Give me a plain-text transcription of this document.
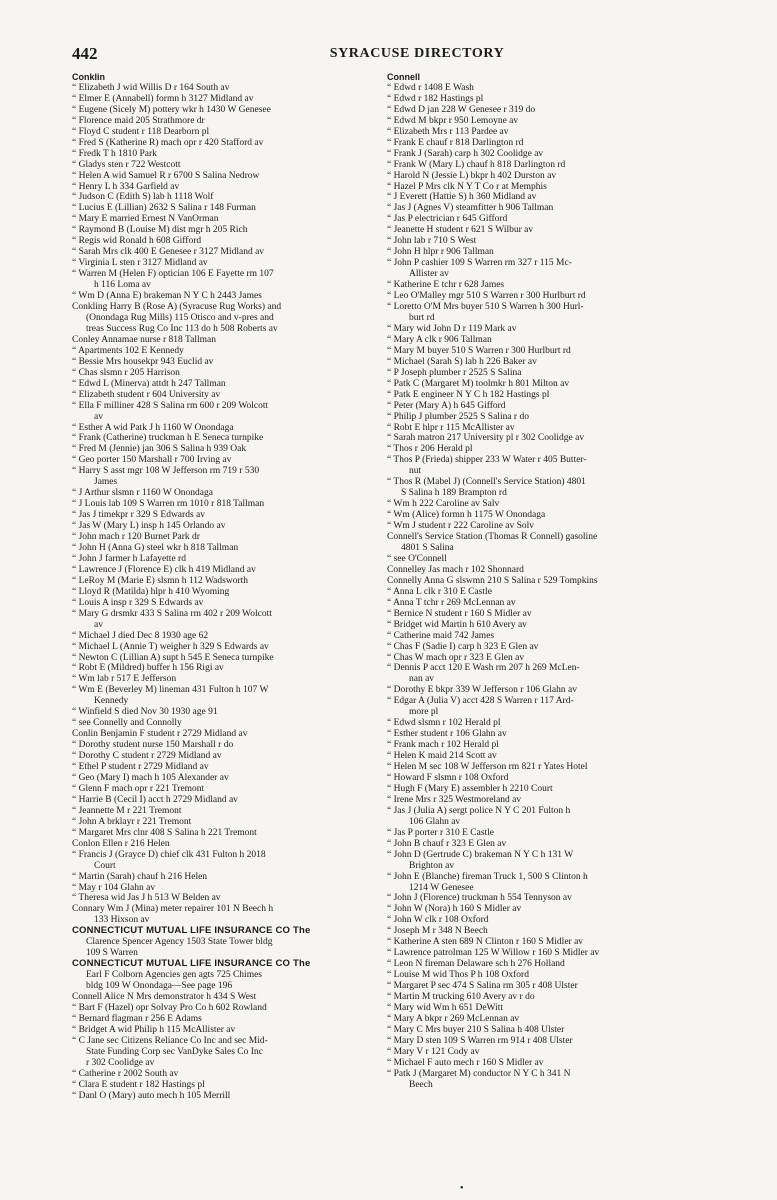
442	SYRACUSE DIRECTORY
Conklin
“ Elizabeth J wid Willis D r 164 South av
“ Elmer E (Annabell) formn h 3127 Midland av
“ Eugene (Sicely M) pottery wkr h 1430 W Genesee
“ Florence maid 205 Strathmore dr
“ Floyd C student r 118 Dearborn pl
“ Fred S (Katherine R) mach opr r 420 Stafford av
“ Fredk T h 1810 Park
“ Gladys sten r 722 Westcott
“ Helen A wid Samuel R r 6700 S Salina Nedrow
“ Henry L h 334 Garfield av
“ Judson C (Edith S) lab h 1118 Wolf
“ Lucius E (Lillian) 2632 S Salina r 148 Furman
“ Mary E married Ernest N VanOrman
“ Raymond B (Louise M) dist mgr h 205 Rich
“ Regis wid Ronald h 608 Gifford
“ Sarah Mrs clk 400 E Genesee r 3127 Midland av
“ Virginia L sten r 3127 Midland av
“ Warren M (Helen F) optician 106 E Fayette rm 107
h 116 Loma av
“ Wm D (Anna E) brakeman N Y C h 2443 James
Conkling Harry B (Rose A) (Syracuse Rug Works) and
(Onondaga Rug Mills) 115 Otisco and v-pres and
treas Success Rug Co Inc 113 do h 508 Roberts av
Conley Annamae nurse r 818 Tallman
“ Apartments 102 E Kennedy
“ Bessie Mrs housekpr 943 Euclid av
“ Chas slsmn r 205 Harrison
“ Edwd L (Minerva) attdt h 247 Tallman
“ Elizabeth student r 604 University av
“ Ella F milliner 428 S Salina rm 600 r 209 Wolcott
av
“ Esther A wid Patk J h 1160 W Onondaga
“ Frank (Catherine) truckman h E Seneca turnpike
“ Fred M (Jennie) jan 306 S Salina h 939 Oak
“ Geo porter 150 Marshall r 700 Irving av
“ Harry S asst mgr 108 W Jefferson rm 719 r 530
James
“ J Arthur slsmn r 1160 W Onondaga
“ J Louis lab 109 S Warren rm 1010 r 818 Tallman
“ Jas J timekpr r 329 S Edwards av
“ Jas W (Mary L) insp h 145 Orlando av
“ John mach r 120 Burnet Park dr
“ John H (Anna G) steel wkr h 818 Tallman
“ John J farmer h Lafayette rd
“ Lawrence J (Florence E) clk h 419 Midland av
“ LeRoy M (Marie E) slsmn h 112 Wadsworth
“ Lloyd R (Matilda) hlpr h 410 Wyoming
“ Louis A insp r 329 S Edwards av
“ Mary G drsmkr 433 S Salina rm 402 r 209 Wolcott
av
“ Michael J died Dec 8 1930 age 62
“ Michael L (Annie T) weigher h 329 S Edwards av
“ Newton C (Lillian A) supt h 545 E Seneca turnpike
“ Robt E (Mildred) buffer h 156 Rigi av
“ Wm lab r 517 E Jefferson
“ Wm E (Beverley M) lineman 431 Fulton h 107 W
Kennedy
“ Winfield S died Nov 30 1930 age 91
“ see Connelly and Connolly
Conlin Benjamin F student r 2729 Midland av
“ Dorothy student nurse 150 Marshall r do
“ Dorothy C student r 2729 Midland av
“ Ethel P student r 2729 Midland av
“ Geo (Mary I) mach h 105 Alexander av
“ Glenn F mach opr r 221 Tremont
“ Harrie B (Cecil I) acct h 2729 Midland av
“ Jeannette M r 221 Tremont
“ John A brklayr r 221 Tremont
“ Margaret Mrs clnr 408 S Salina h 221 Tremont
Conlon Ellen r 216 Helen
“ Francis J (Grayce D) chief clk 431 Fulton h 2018
Court
“ Martin (Sarah) chauf h 216 Helen
“ May r 104 Glahn av
“ Theresa wid Jas J h 513 W Belden av
Connary Wm J (Mina) meter repairer 101 N Beech h
133 Hixson av
CONNECTICUT MUTUAL LIFE INSURANCE CO The
Clarence Spencer Agency 1503 State Tower bldg
109 S Warren
CONNECTICUT MUTUAL LIFE INSURANCE CO The
Earl F Colborn Agencies gen agts 725 Chimes
bldg 109 W Onondaga—See page 196
Connell Alice N Mrs demonstrator h 434 S West
“ Bart F (Hazel) opr Solvay Pro Co h 602 Rowland
“ Bernard flagman r 256 E Adams
“ Bridget A wid Philip h 115 McAllister av
“ C Jane sec Citizens Reliance Co Inc and sec Mid-
State Funding Corp sec VanDyke Sales Co Inc
r 302 Coolidge av
“ Catherine r 2002 South av
“ Clara E student r 182 Hastings pl
“ Danl O (Mary) auto mech h 105 Merrill
Connell
“ Edwd r 1408 E Wash
“ Edwd r 182 Hastings pl
“ Edwd D jan 228 W Genesee r 319 do
“ Edwd M bkpr r 950 Lemoyne av
“ Elizabeth Mrs r 113 Pardee av
“ Frank E chauf r 818 Darlington rd
“ Frank J (Sarah) carp h 302 Coolidge av
“ Frank W (Mary L) chauf h 818 Darlington rd
“ Harold N (Jessie L) bkpr h 402 Durston av
“ Hazel P Mrs clk N Y T Co r at Memphis
“ J Everett (Hattie S) h 360 Midland av
“ Jas J (Agnes V) steamfitter h 906 Tallman
“ Jas P electrician r 645 Gifford
“ Jeanette H student r 621 S Wilbur av
“ John lab r 710 S West
“ John H hlpr r 906 Tallman
“ John P cashier 109 S Warren rm 327 r 115 Mc-
Allister av
“ Katherine E tchr r 628 James
“ Leo O'Malley mgr 510 S Warren r 300 Hurlburt rd
“ Loretto O'M Mrs buyer 510 S Warren h 300 Hurl-
burt rd
“ Mary wid John D r 119 Mark av
“ Mary A clk r 906 Tallman
“ Mary M buyer 510 S Warren r 300 Hurlburt rd
“ Michael (Sarah S) lab h 226 Baker av
“ P Joseph plumber r 2525 S Salina
“ Patk C (Margaret M) toolmkr h 801 Milton av
“ Patk E engineer N Y C h 182 Hastings pl
“ Peter (Mary A) h 645 Gifford
“ Philip J plumber 2525 S Salina r do
“ Robt E hlpr r 115 McAllister av
“ Sarah matron 217 University pl r 302 Coolidge av
“ Thos r 206 Herald pl
“ Thos P (Frieda) shipper 233 W Water r 405 Butter-
nut
“ Thos R (Mabel J) (Connell's Service Station) 4801
S Salina h 189 Brampton rd
“ Wm h 222 Caroline av Salv
“ Wm (Alice) formn h 1175 W Onondaga
“ Wm J student r 222 Caroline av Solv
Connell's Service Station (Thomas R Connell) gasoline
4801 S Salina
“ see O'Connell
Connelley Jas mach r 102 Shonnard
Connelly Anna G slswmn 210 S Salina r 529 Tompkins
“ Anna L clk r 310 E Castle
“ Anna T tchr r 269 McLennan av
“ Bernice N student r 160 S Midler av
“ Bridget wid Martin h 610 Avery av
“ Catherine maid 742 James
“ Chas F (Sadie I) carp h 323 E Glen av
“ Chas W mach opr r 323 E Glen av
“ Dennis P acct 120 E Wash rm 207 h 269 McLen-
nan av
“ Dorothy E bkpr 339 W Jefferson r 106 Glahn av
“ Edgar A (Julia V) acct 428 S Warren r 117 Ard-
more pl
“ Edwd slsmn r 102 Herald pl
“ Esther student r 106 Glahn av
“ Frank mach r 102 Herald pl
“ Helen K maid 214 Scott av
“ Helen M sec 108 W Jefferson rm 821 r Yates Hotel
“ Howard F slsmn r 108 Oxford
“ Hugh F (Mary E) assembler h 2210 Court
“ Irene Mrs r 325 Westmoreland av
“ Jas J (Julia A) sergt police N Y C 201 Fulton h
106 Glahn av
“ Jas P porter r 310 E Castle
“ John B chauf r 323 E Glen av
“ John D (Gertrude C) brakeman N Y C h 131 W
Brighton av
“ John E (Blanche) fireman Truck 1, 500 S Clinton h
1214 W Genesee
“ John J (Florence) truckman h 554 Tennyson av
“ John W (Nora) h 160 S Midler av
“ John W clk r 108 Oxford
“ Joseph M r 348 N Beech
“ Katherine A sten 689 N Clinton r 160 S Midler av
“ Lawrence patrolman 125 W Willow r 160 S Midler av
“ Leon N fireman Delaware sch h 276 Holland
“ Louise M wid Thos P h 108 Oxford
“ Margaret P sec 474 S Salina rm 305 r 408 Ulster
“ Martin M trucking 610 Avery av r do
“ Mary wid Wm h 651 DeWitt
“ Mary A bkpr r 269 McLennan av
“ Mary C Mrs buyer 210 S Salina h 408 Ulster
“ Mary D sten 109 S Warren rm 914 r 408 Ulster
“ Mary V r 121 Cody av
“ Michael F auto mech r 160 S Midler av
“ Patk J (Margaret M) conductor N Y C h 341 N
Beech
•
